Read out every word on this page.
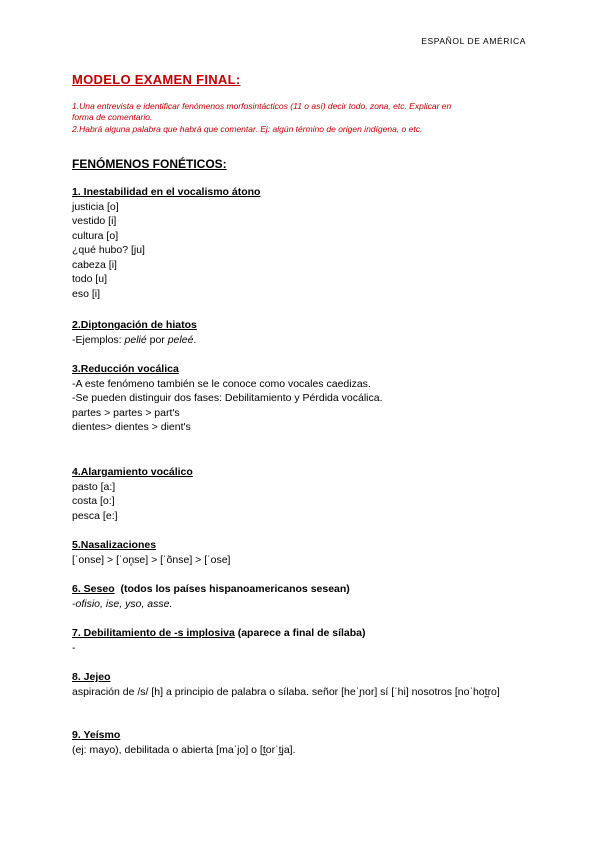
ESPAÑOL DE AMÉRICA
MODELO EXAMEN FINAL:
1.Una entrevista e identificar fenómenos morfosintácticos (11 o así) decir todo, zona, etc. Explicar en
forma de comentario.
2.Habrá alguna palabra que habrá que comentar. Ej: algún término de origen indígena, o etc.
FENÓMENOS FONÉTICOS:
1. Inestabilidad en el vocalismo átono
justicia [o]
vestido [i]
cultura [o]
¿qué hubo? [ju]
cabeza [i]
todo [u]
eso [i]
2.Diptongación de hiatos
-Ejemplos: pelié por peleé.
3.Reducción vocálica
-A este fenómeno también se le conoce como vocales caedizas.
-Se pueden distinguir dos fases: Debilitamiento y Pérdida vocálica.
partes > partes > part's
dientes> dientes > dient's
4.Alargamiento vocálico
pasto [a:]
costa [o:]
pesca [e:]
5.Nasalizaciones
[ˈonse] > [ˈon̥se] > [ˈõnse] > [ˈose]
6. Seseo (todos los países hispanoamericanos sesean)
-ofisio, ise, yso, asse.
7. Debilitamiento de -s implosiva (aparece a final de sílaba)
-
8. Jejeo
aspiración de /s/ [h] a principio de palabra o sílaba. señor [heˈɲor] sí [ˈhi] nosotros [noˈhot̪ro]
9. Yeísmo
(ej: mayo), debilitada o abierta [maˈjo] o [t̪orˈt̪ja].
